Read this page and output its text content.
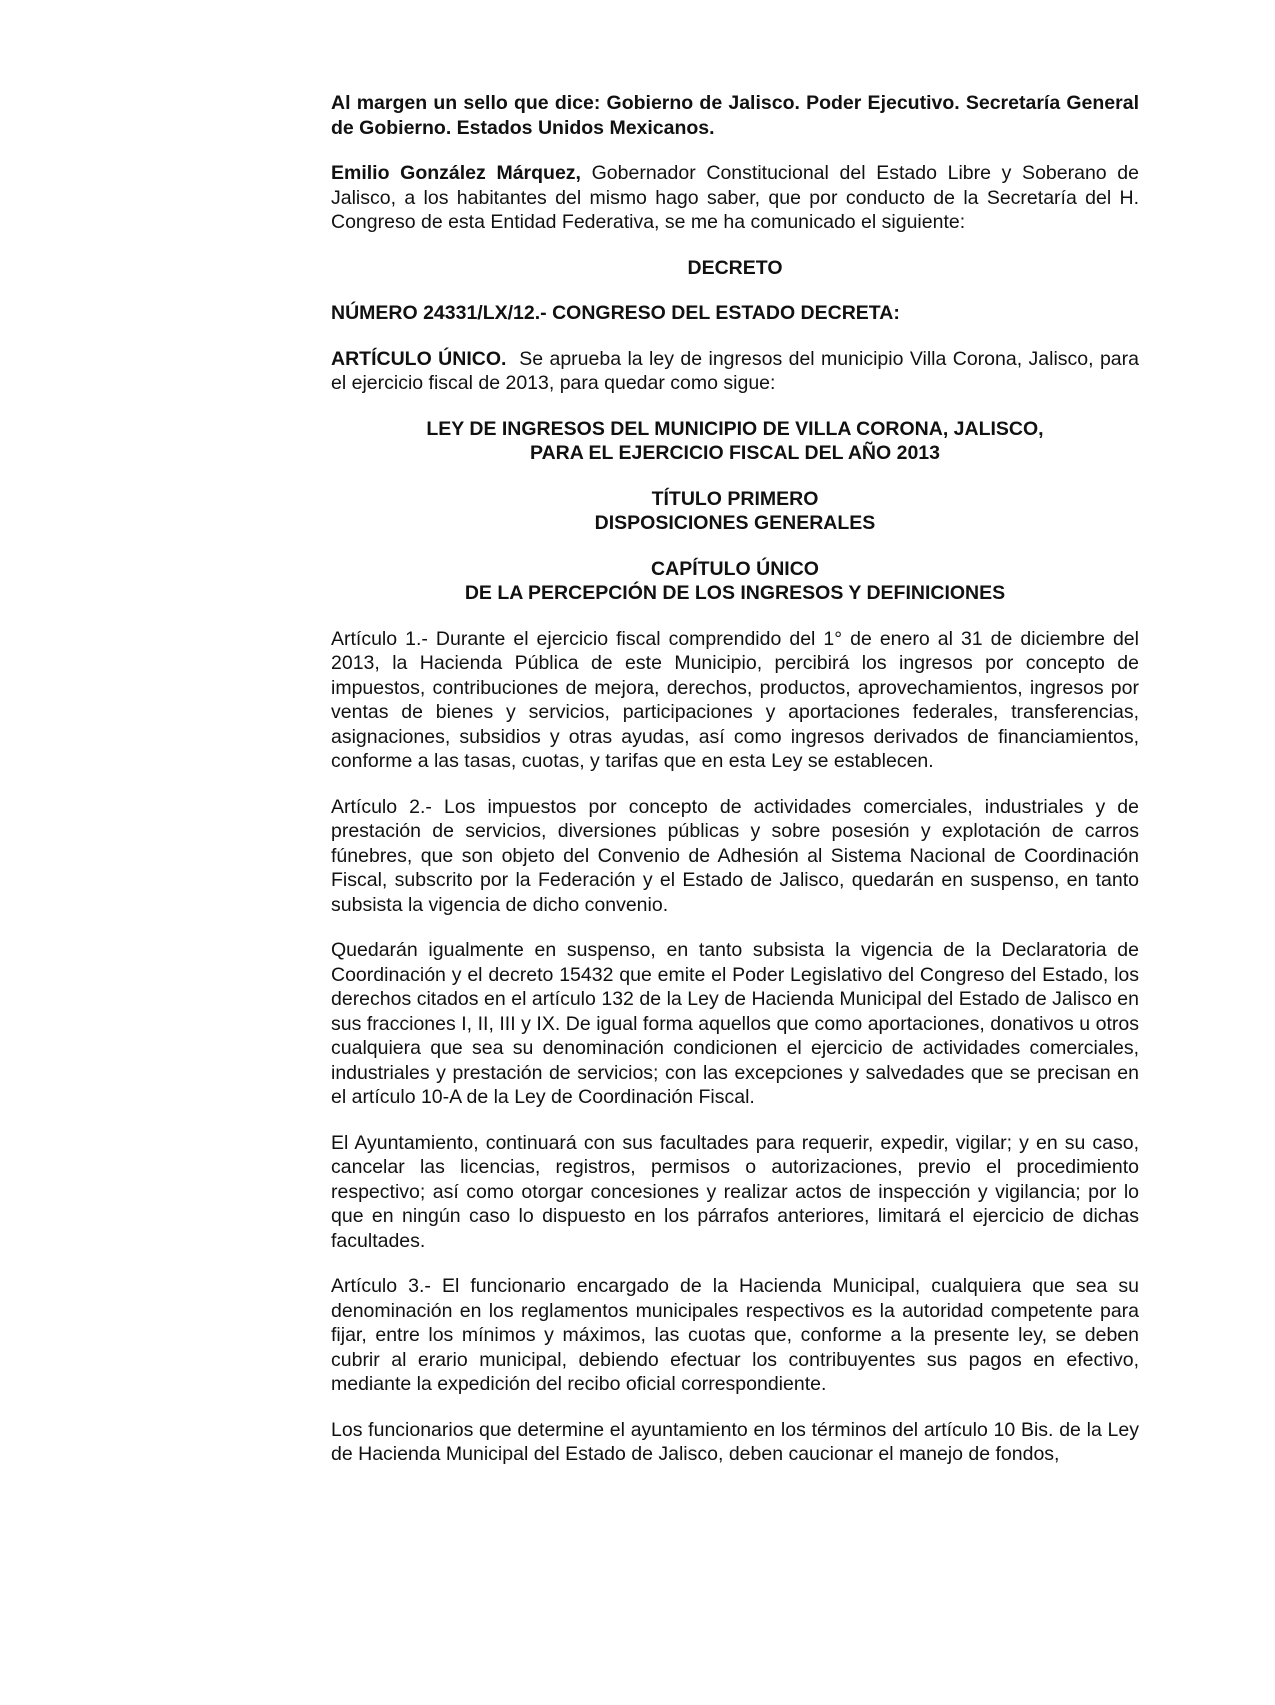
Al margen un sello que dice: Gobierno de Jalisco. Poder Ejecutivo. Secretaría General de Gobierno. Estados Unidos Mexicanos.

Emilio González Márquez, Gobernador Constitucional del Estado Libre y Soberano de Jalisco, a los habitantes del mismo hago saber, que por conducto de la Secretaría del H. Congreso de esta Entidad Federativa, se me ha comunicado el siguiente:

DECRETO

NÚMERO 24331/LX/12.- CONGRESO DEL ESTADO DECRETA:

ARTÍCULO ÚNICO.  Se aprueba la ley de ingresos del municipio Villa Corona, Jalisco, para el ejercicio fiscal de 2013, para quedar como sigue:

LEY DE INGRESOS DEL MUNICIPIO DE VILLA CORONA, JALISCO,

PARA EL EJERCICIO FISCAL DEL AÑO 2013

TÍTULO PRIMERO

DISPOSICIONES GENERALES

CAPÍTULO ÚNICO

DE LA PERCEPCIÓN DE LOS INGRESOS Y DEFINICIONES

Artículo 1.- Durante el ejercicio fiscal comprendido del 1° de enero al 31 de diciembre del 2013, la Hacienda Pública de este Municipio, percibirá los ingresos por concepto de impuestos, contribuciones de mejora, derechos, productos, aprovechamientos, ingresos por ventas de bienes y servicios, participaciones y aportaciones federales, transferencias, asignaciones, subsidios y otras ayudas, así como ingresos derivados de financiamientos, conforme a las tasas, cuotas, y tarifas que en esta Ley se establecen.

Artículo 2.- Los impuestos por concepto de actividades comerciales, industriales y de prestación de servicios, diversiones públicas y sobre posesión y explotación de carros fúnebres, que son objeto del Convenio de Adhesión al Sistema Nacional de Coordinación Fiscal, subscrito por la Federación y el Estado de Jalisco, quedarán en suspenso, en tanto subsista la vigencia de dicho convenio.

Quedarán igualmente en suspenso, en tanto subsista la vigencia de la Declaratoria de Coordinación y el decreto 15432 que emite el Poder Legislativo del Congreso del Estado, los derechos citados en el artículo 132 de la Ley de Hacienda Municipal del Estado de Jalisco en sus fracciones I, II, III y IX. De igual forma aquellos que como aportaciones, donativos u otros cualquiera que sea su denominación condicionen el ejercicio de actividades comerciales, industriales y prestación de servicios; con las excepciones y salvedades que se precisan en el artículo 10-A de la Ley de Coordinación Fiscal.

El Ayuntamiento, continuará con sus facultades para requerir, expedir, vigilar; y en su caso, cancelar las licencias, registros, permisos o autorizaciones, previo el procedimiento respectivo; así como otorgar concesiones y realizar actos de inspección y vigilancia; por lo que en ningún caso lo dispuesto en los párrafos anteriores, limitará el ejercicio de dichas facultades.

Artículo 3.- El funcionario encargado de la Hacienda Municipal, cualquiera que sea su denominación en los reglamentos municipales respectivos es la autoridad competente para fijar, entre los mínimos y máximos, las cuotas que, conforme a la presente ley, se deben cubrir al erario municipal, debiendo efectuar los contribuyentes sus pagos en efectivo, mediante la expedición del recibo oficial correspondiente.

Los funcionarios que determine el ayuntamiento en los términos del artículo 10 Bis. de la Ley de Hacienda Municipal del Estado de Jalisco, deben caucionar el manejo de fondos,
